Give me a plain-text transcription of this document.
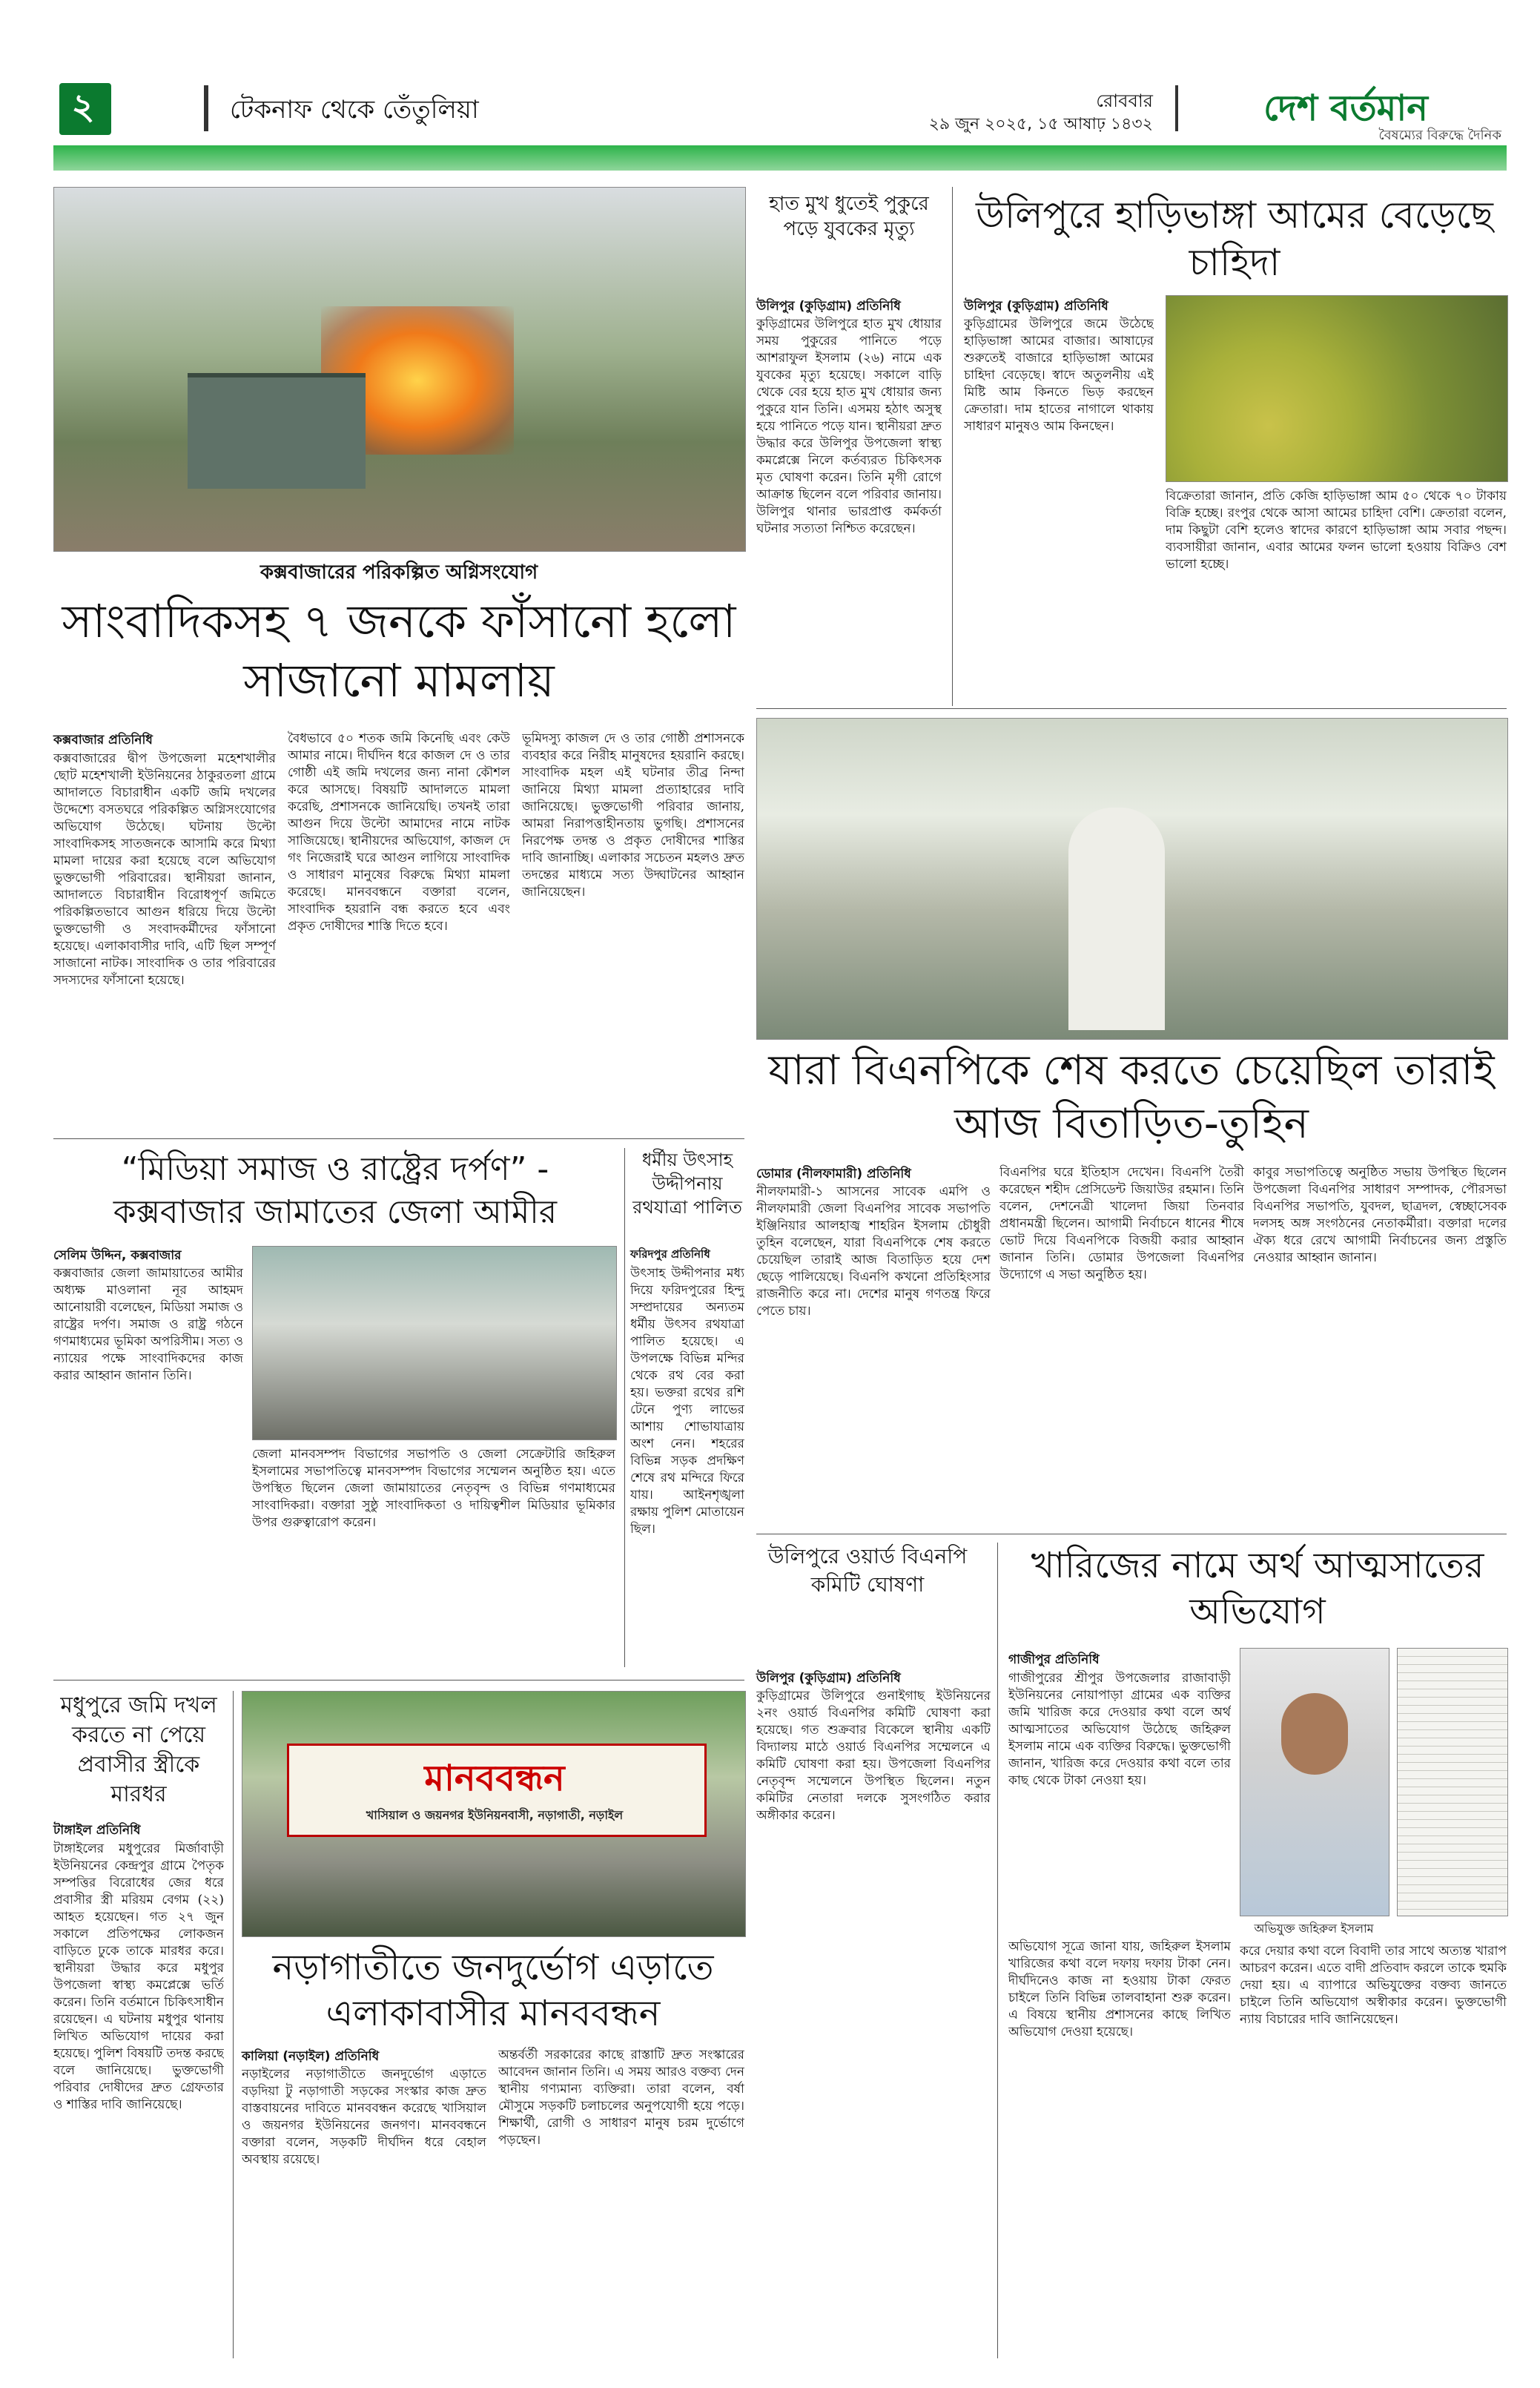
২	টেকনাফ থেকে তেঁতুলিয়া	রোববার
২৯ জুন ২০২৫, ১৫ আষাঢ় ১৪৩২	দেশ বর্তমান
বৈষম্যের বিরুদ্ধে দৈনিক
কক্সবাজারের পরিকল্পিত অগ্নিসংযোগ
সাংবাদিকসহ ৭ জনকে ফাঁসানো হলো সাজানো মামলায়
কক্সবাজার প্রতিনিধি
কক্সবাজারের দ্বীপ উপজেলা মহেশখালীর ছোট মহেশখালী ইউনিয়নের ঠাকুরতলা গ্রামে আদালতে বিচারাধীন একটি জমি দখলের উদ্দেশ্যে বসতঘরে পরিকল্পিত অগ্নিসংযোগের অভিযোগ উঠেছে। ঘটনায় উল্টো সাংবাদিকসহ সাতজনকে আসামি করে মিথ্যা মামলা দায়ের করা হয়েছে বলে অভিযোগ ভুক্তভোগী পরিবারের। স্থানীয়রা জানান, আদালতে বিচারাধীন বিরোধপূর্ণ জমিতে পরিকল্পিতভাবে আগুন ধরিয়ে দিয়ে উল্টো ভুক্তভোগী ও সংবাদকর্মীদের ফাঁসানো হয়েছে। এলাকাবাসীর দাবি, এটি ছিল সম্পূর্ণ সাজানো নাটক। সাংবাদিক ও তার পরিবারের সদস্যদের ফাঁসানো হয়েছে।
বৈধভাবে ৫০ শতক জমি কিনেছি এবং কেউ আমার নামে। দীর্ঘদিন ধরে কাজল দে ও তার গোষ্ঠী এই জমি দখলের জন্য নানা কৌশল করে আসছে। বিষয়টি আদালতে মামলা করেছি, প্রশাসনকে জানিয়েছি। তখনই তারা আগুন দিয়ে উল্টো আমাদের নামে নাটক সাজিয়েছে। স্থানীয়দের অভিযোগ, কাজল দে গং নিজেরাই ঘরে আগুন লাগিয়ে সাংবাদিক ও সাধারণ মানুষের বিরুদ্ধে মিথ্যা মামলা করেছে। মানববন্ধনে বক্তারা বলেন, সাংবাদিক হয়রানি বন্ধ করতে হবে এবং প্রকৃত দোষীদের শাস্তি দিতে হবে।
ভূমিদস্যু কাজল দে ও তার গোষ্ঠী প্রশাসনকে ব্যবহার করে নিরীহ মানুষদের হয়রানি করছে। সাংবাদিক মহল এই ঘটনার তীব্র নিন্দা জানিয়ে মিথ্যা মামলা প্রত্যাহারের দাবি জানিয়েছে। ভুক্তভোগী পরিবার জানায়, আমরা নিরাপত্তাহীনতায় ভুগছি। প্রশাসনের নিরপেক্ষ তদন্ত ও প্রকৃত দোষীদের শাস্তির দাবি জানাচ্ছি। এলাকার সচেতন মহলও দ্রুত তদন্তের মাধ্যমে সত্য উদ্ঘাটনের আহ্বান জানিয়েছেন।
হাত মুখ ধুতেই পুকুরে পড়ে যুবকের মৃত্যু
উলিপুর (কুড়িগ্রাম) প্রতিনিধি
কুড়িগ্রামের উলিপুরে হাত মুখ ধোয়ার সময় পুকুরের পানিতে পড়ে আশরাফুল ইসলাম (২৬) নামে এক যুবকের মৃত্যু হয়েছে। সকালে বাড়ি থেকে বের হয়ে হাত মুখ ধোয়ার জন্য পুকুরে যান তিনি। এসময় হঠাৎ অসুস্থ হয়ে পানিতে পড়ে যান। স্থানীয়রা দ্রুত উদ্ধার করে উলিপুর উপজেলা স্বাস্থ্য কমপ্লেক্সে নিলে কর্তব্যরত চিকিৎসক মৃত ঘোষণা করেন। তিনি মৃগী রোগে আক্রান্ত ছিলেন বলে পরিবার জানায়। উলিপুর থানার ভারপ্রাপ্ত কর্মকর্তা ঘটনার সত্যতা নিশ্চিত করেছেন।
উলিপুরে হাড়িভাঙ্গা আমের বেড়েছে চাহিদা
উলিপুর (কুড়িগ্রাম) প্রতিনিধি
কুড়িগ্রামের উলিপুরে জমে উঠেছে হাড়িভাঙ্গা আমের বাজার। আষাঢ়ের শুরুতেই বাজারে হাড়িভাঙ্গা আমের চাহিদা বেড়েছে। স্বাদে অতুলনীয় এই মিষ্টি আম কিনতে ভিড় করছেন ক্রেতারা। দাম হাতের নাগালে থাকায় সাধারণ মানুষও আম কিনছেন।
বিক্রেতারা জানান, প্রতি কেজি হাড়িভাঙ্গা আম ৫০ থেকে ৭০ টাকায় বিক্রি হচ্ছে। রংপুর থেকে আসা আমের চাহিদা বেশি। ক্রেতারা বলেন, দাম কিছুটা বেশি হলেও স্বাদের কারণে হাড়িভাঙ্গা আম সবার পছন্দ। ব্যবসায়ীরা জানান, এবার আমের ফলন ভালো হওয়ায় বিক্রিও বেশ ভালো হচ্ছে।
যারা বিএনপিকে শেষ করতে চেয়েছিল তারাই আজ বিতাড়িত-তুহিন
ডোমার (নীলফামারী) প্রতিনিধি
নীলফামারী-১ আসনের সাবেক এমপি ও নীলফামারী জেলা বিএনপির সাবেক সভাপতি ইঞ্জিনিয়ার আলহাজ্ব শাহরিন ইসলাম চৌধুরী তুহিন বলেছেন, যারা বিএনপিকে শেষ করতে চেয়েছিল তারাই আজ বিতাড়িত হয়ে দেশ ছেড়ে পালিয়েছে। বিএনপি কখনো প্রতিহিংসার রাজনীতি করে না। দেশের মানুষ গণতন্ত্র ফিরে পেতে চায়।
বিএনপির ঘরে ইতিহাস দেখেন। বিএনপি তৈরী করেছেন শহীদ প্রেসিডেন্ট জিয়াউর রহমান। তিনি বলেন, দেশনেত্রী খালেদা জিয়া তিনবার প্রধানমন্ত্রী ছিলেন। আগামী নির্বাচনে ধানের শীষে ভোট দিয়ে বিএনপিকে বিজয়ী করার আহ্বান জানান তিনি। ডোমার উপজেলা বিএনপির উদ্যোগে এ সভা অনুষ্ঠিত হয়।
কাবুর সভাপতিত্বে অনুষ্ঠিত সভায় উপস্থিত ছিলেন উপজেলা বিএনপির সাধারণ সম্পাদক, পৌরসভা বিএনপির সভাপতি, যুবদল, ছাত্রদল, স্বেচ্ছাসেবক দলসহ অঙ্গ সংগঠনের নেতাকর্মীরা। বক্তারা দলের ঐক্য ধরে রেখে আগামী নির্বাচনের জন্য প্রস্তুতি নেওয়ার আহ্বান জানান।
“মিডিয়া সমাজ ও রাষ্ট্রের দর্পণ” - কক্সবাজার জামাতের জেলা আমীর
সেলিম উদ্দিন, কক্সবাজার
কক্সবাজার জেলা জামায়াতের আমীর অধ্যক্ষ মাওলানা নূর আহমদ আনোয়ারী বলেছেন, মিডিয়া সমাজ ও রাষ্ট্রের দর্পণ। সমাজ ও রাষ্ট্র গঠনে গণমাধ্যমের ভূমিকা অপরিসীম। সত্য ও ন্যায়ের পক্ষে সাংবাদিকদের কাজ করার আহ্বান জানান তিনি।
জেলা মানবসম্পদ বিভাগের সভাপতি ও জেলা সেক্রেটারি জহিরুল ইসলামের সভাপতিত্বে মানবসম্পদ বিভাগের সম্মেলন অনুষ্ঠিত হয়। এতে উপস্থিত ছিলেন জেলা জামায়াতের নেতৃবৃন্দ ও বিভিন্ন গণমাধ্যমের সাংবাদিকরা। বক্তারা সুষ্ঠু সাংবাদিকতা ও দায়িত্বশীল মিডিয়ার ভূমিকার উপর গুরুত্বারোপ করেন।
ধর্মীয় উৎসাহ উদ্দীপনায় রথযাত্রা পালিত
ফরিদপুর প্রতিনিধি
উৎসাহ উদ্দীপনার মধ্য দিয়ে ফরিদপুরের হিন্দু সম্প্রদায়ের অন্যতম ধর্মীয় উৎসব রথযাত্রা পালিত হয়েছে। এ উপলক্ষে বিভিন্ন মন্দির থেকে রথ বের করা হয়। ভক্তরা রথের রশি টেনে পুণ্য লাভের আশায় শোভাযাত্রায় অংশ নেন। শহরের বিভিন্ন সড়ক প্রদক্ষিণ শেষে রথ মন্দিরে ফিরে যায়। আইনশৃঙ্খলা রক্ষায় পুলিশ মোতায়েন ছিল।
মধুপুরে জমি দখল করতে না পেয়ে প্রবাসীর স্ত্রীকে মারধর
টাঙ্গাইল প্রতিনিধি
টাঙ্গাইলের মধুপুরের মির্জাবাড়ী ইউনিয়নের কেন্দ্রপুর গ্রামে পৈতৃক সম্পত্তির বিরোধের জের ধরে প্রবাসীর স্ত্রী মরিয়ম বেগম (২২) আহত হয়েছেন। গত ২৭ জুন সকালে প্রতিপক্ষের লোকজন বাড়িতে ঢুকে তাকে মারধর করে। স্থানীয়রা উদ্ধার করে মধুপুর উপজেলা স্বাস্থ্য কমপ্লেক্সে ভর্তি করেন। তিনি বর্তমানে চিকিৎসাধীন রয়েছেন। এ ঘটনায় মধুপুর থানায় লিখিত অভিযোগ দায়ের করা হয়েছে। পুলিশ বিষয়টি তদন্ত করছে বলে জানিয়েছে। ভুক্তভোগী পরিবার দোষীদের দ্রুত গ্রেফতার ও শাস্তির দাবি জানিয়েছে।
মানববন্ধন
খাসিয়াল ও জয়নগর ইউনিয়নবাসী, নড়াগাতী, নড়াইল
নড়াগাতীতে জনদুর্ভোগ এড়াতে এলাকাবাসীর মানববন্ধন
কালিয়া (নড়াইল) প্রতিনিধি
নড়াইলের নড়াগাতীতে জনদুর্ভোগ এড়াতে বড়দিয়া টু নড়াগাতী সড়কের সংস্কার কাজ দ্রুত বাস্তবায়নের দাবিতে মানববন্ধন করেছে খাসিয়াল ও জয়নগর ইউনিয়নের জনগণ। মানববন্ধনে বক্তারা বলেন, সড়কটি দীর্ঘদিন ধরে বেহাল অবস্থায় রয়েছে।
অন্তর্বর্তী সরকারের কাছে রাস্তাটি দ্রুত সংস্কারের আবেদন জানান তিনি। এ সময় আরও বক্তব্য দেন স্থানীয় গণ্যমান্য ব্যক্তিরা। তারা বলেন, বর্ষা মৌসুমে সড়কটি চলাচলের অনুপযোগী হয়ে পড়ে। শিক্ষার্থী, রোগী ও সাধারণ মানুষ চরম দুর্ভোগে পড়ছেন।
উলিপুরে ওয়ার্ড বিএনপি কমিটি ঘোষণা
উলিপুর (কুড়িগ্রাম) প্রতিনিধি
কুড়িগ্রামের উলিপুরে গুনাইগাছ ইউনিয়নের ২নং ওয়ার্ড বিএনপির কমিটি ঘোষণা করা হয়েছে। গত শুক্রবার বিকেলে স্থানীয় একটি বিদ্যালয় মাঠে ওয়ার্ড বিএনপির সম্মেলনে এ কমিটি ঘোষণা করা হয়। উপজেলা বিএনপির নেতৃবৃন্দ সম্মেলনে উপস্থিত ছিলেন। নতুন কমিটির নেতারা দলকে সুসংগঠিত করার অঙ্গীকার করেন।
খারিজের নামে অর্থ আত্মসাতের অভিযোগ
গাজীপুর প্রতিনিধি
গাজীপুরের শ্রীপুর উপজেলার রাজাবাড়ী ইউনিয়নের নোয়াপাড়া গ্রামের এক ব্যক্তির জমি খারিজ করে দেওয়ার কথা বলে অর্থ আত্মসাতের অভিযোগ উঠেছে জহিরুল ইসলাম নামে এক ব্যক্তির বিরুদ্ধে। ভুক্তভোগী জানান, খারিজ করে দেওয়ার কথা বলে তার কাছ থেকে টাকা নেওয়া হয়।
অভিযুক্ত জহিরুল ইসলাম
অভিযোগ সূত্রে জানা যায়, জহিরুল ইসলাম খারিজের কথা বলে দফায় দফায় টাকা নেন। দীর্ঘদিনেও কাজ না হওয়ায় টাকা ফেরত চাইলে তিনি বিভিন্ন তালবাহানা শুরু করেন। এ বিষয়ে স্থানীয় প্রশাসনের কাছে লিখিত অভিযোগ দেওয়া হয়েছে।
করে দেয়ার কথা বলে বিবাদী তার সাথে অত্যন্ত খারাপ আচরণ করেন। এতে বাদী প্রতিবাদ করলে তাকে হুমকি দেয়া হয়। এ ব্যাপারে অভিযুক্তের বক্তব্য জানতে চাইলে তিনি অভিযোগ অস্বীকার করেন। ভুক্তভোগী ন্যায় বিচারের দাবি জানিয়েছেন।
